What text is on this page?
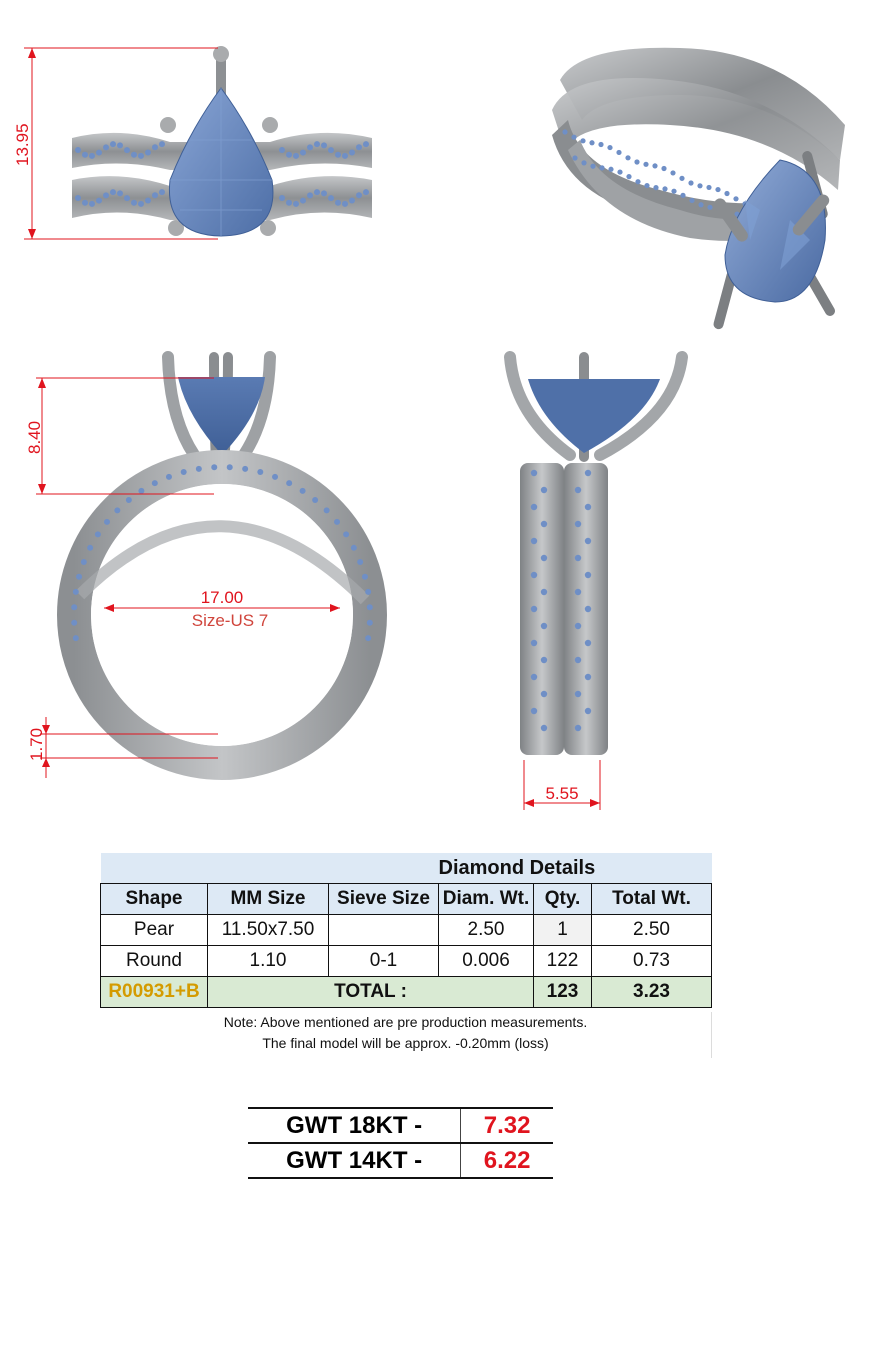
13.95
8.40
17.00
Size-US 7
1.70
5.55
			Diamond Details		
Shape	MM Size	Sieve Size	Diam. Wt.	Qty.	Total Wt.
Pear	11.50x7.50		2.50	1	2.50
Round	1.10	0-1	0.006	122	0.73
R00931+B	TOTAL :			123	3.23
Note: Above mentioned are pre production measurements.
The final model will be approx. -0.20mm (loss)
GWT 18KT -	7.32
GWT 14KT -	6.22
